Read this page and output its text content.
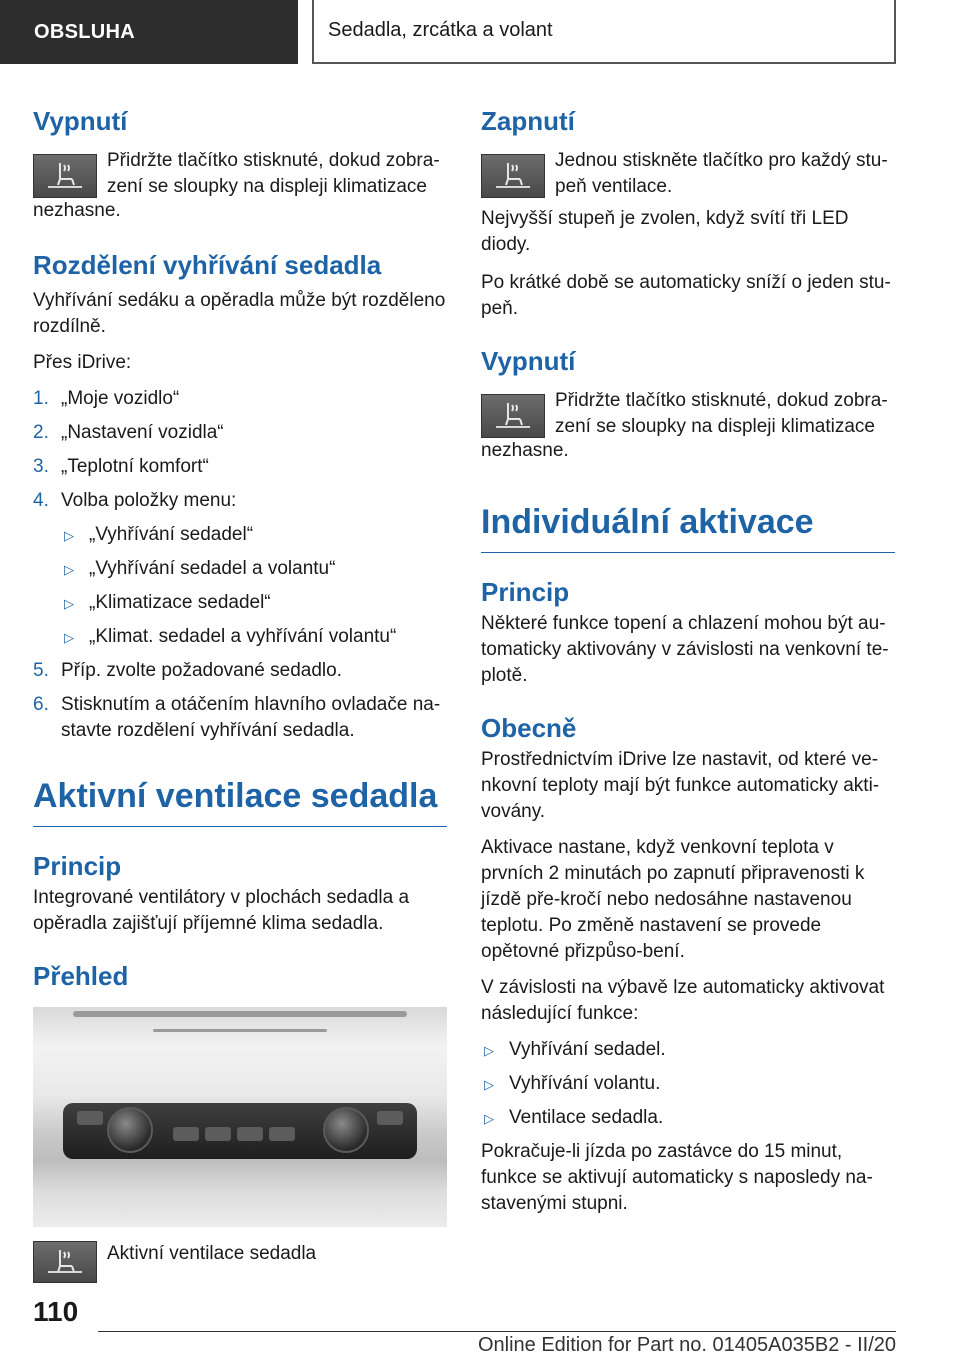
OBSLUHA	Sedadla, zrcátka a volant
Vypnutí

Přidržte tlačítko stisknuté, dokud zobra-

zení se sloupky na displeji klimatizace

nezhasne.

Rozdělení vyhřívání sedadla

Vyhřívání sedáku a opěradla může být rozděleno rozdílně.

Přes iDrive:

1. „Moje vozidlo“
2. „Nastavení vozidla“
3. „Teplotní komfort“
4. Volba položky menu:
▷ „Vyhřívání sedadel“
▷ „Vyhřívání sedadel a volantu“
▷ „Klimatizace sedadel“
▷ „Klimat. sedadel a vyhřívání volantu“
5. Příp. zvolte požadované sedadlo.
6. Stisknutím a otáčením hlavního ovladače na-stavte rozdělení vyhřívání sedadla.
Aktivní ventilace sedadla
Princip

Integrované ventilátory v plochách sedadla a opěradla zajišťují příjemné klima sedadla.

Přehled

Aktivní ventilace sedadla

Zapnutí

Jednou stiskněte tlačítko pro každý stu-peň ventilace.

Nejvyšší stupeň je zvolen, když svítí tři LED diody.

Po krátké době se automaticky sníží o jeden stu-peň.

Vypnutí

Přidržte tlačítko stisknuté, dokud zobra-

zení se sloupky na displeji klimatizace

nezhasne.

Individuální aktivace
Princip

Některé funkce topení a chlazení mohou být au-tomaticky aktivovány v závislosti na venkovní te-plotě.

Obecně

Prostřednictvím iDrive lze nastavit, od které ve-nkovní teploty mají být funkce automaticky akti-vovány.

Aktivace nastane, když venkovní teplota v prvních 2 minutách po zapnutí připravenosti k jízdě pře-kročí nebo nedosáhne nastavenou teplotu. Po změně nastavení se provede opětovné přizpůso-bení.

V závislosti na výbavě lze automaticky aktivovat následující funkce:

▷ Vyhřívání sedadel.
▷ Vyhřívání volantu.
▷ Ventilace sedadla.

Pokračuje-li jízda po zastávce do 15 minut, funkce se aktivují automaticky s naposledy na-stavenými stupni.

110
Online Edition for Part no. 01405A035B2 - II/20
